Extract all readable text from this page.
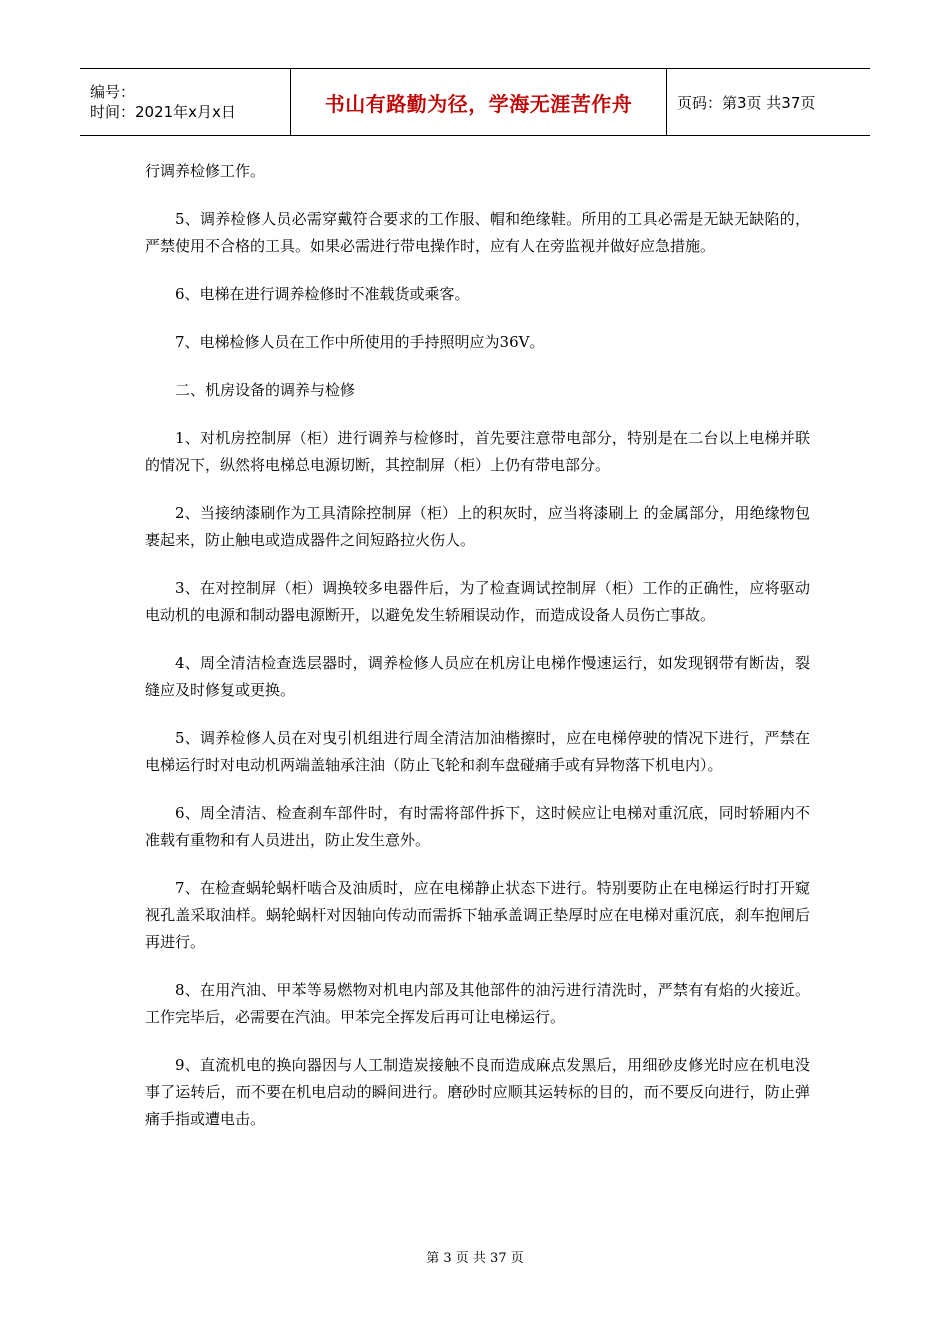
编号：
时间：2021年x月x日	书山有路勤为径，学海无涯苦作舟	页码：第3页 共37页

行调养检修工作。

5、调养检修人员必需穿戴符合要求的工作服、帽和绝缘鞋。所用的工具必需是无缺无缺陷的，严禁使用不合格的工具。如果必需进行带电操作时，应有人在旁监视并做好应急措施。

6、电梯在进行调养检修时不准载货或乘客。

7、电梯检修人员在工作中所使用的手持照明应为36V。

二、机房设备的调养与检修

1、对机房控制屏（柜）进行调养与检修时，首先要注意带电部分，特别是在二台以上电梯并联的情况下，纵然将电梯总电源切断，其控制屏（柜）上仍有带电部分。

2、当接纳漆刷作为工具清除控制屏（柜）上的积灰时，应当将漆刷上 的金属部分，用绝缘物包裹起来，防止触电或造成器件之间短路拉火伤人。

3、在对控制屏（柜）调换较多电器件后，为了检查调试控制屏（柜）工作的正确性，应将驱动电动机的电源和制动器电源断开，以避免发生轿厢误动作，而造成设备人员伤亡事故。

4、周全清洁检查选层器时，调养检修人员应在机房让电梯作慢速运行，如发现钢带有断齿，裂缝应及时修复或更换。

5、调养检修人员在对曳引机组进行周全清洁加油楷擦时，应在电梯停驶的情况下进行，严禁在电梯运行时对电动机两端盖轴承注油（防止飞轮和刹车盘碰痛手或有异物落下机电内）。

6、周全清洁、检查刹车部件时，有时需将部件拆下，这时候应让电梯对重沉底，同时轿厢内不准载有重物和有人员进出，防止发生意外。

7、在检查蜗轮蜗杆啮合及油质时，应在电梯静止状态下进行。特别要防止在电梯运行时打开窥视孔盖采取油样。蜗轮蜗杆对因轴向传动而需拆下轴承盖调正垫厚时应在电梯对重沉底，刹车抱闸后再进行。

8、在用汽油、甲苯等易燃物对机电内部及其他部件的油污进行清洗时，严禁有有焰的火接近。工作完毕后，必需要在汽油。甲苯完全挥发后再可让电梯运行。

9、直流机电的换向器因与人工制造炭接触不良而造成麻点发黑后，用细砂皮修光时应在机电没事了运转后，而不要在机电启动的瞬间进行。磨砂时应顺其运转标的目的，而不要反向进行，防止弹痛手指或遭电击。

第 3 页 共 37 页
